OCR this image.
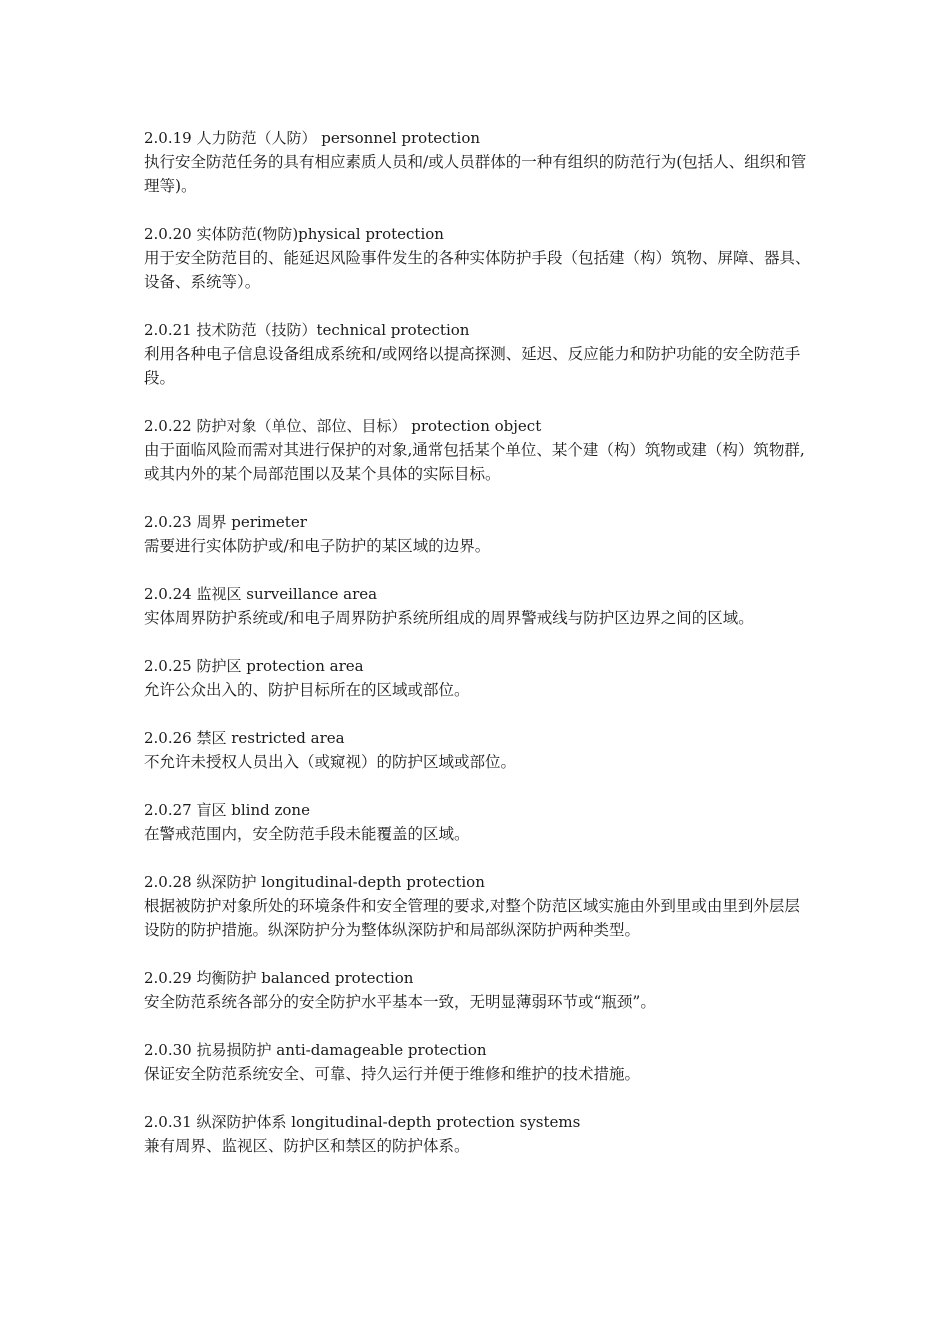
2.0.19 人力防范（人防） personnel protection
执行安全防范任务的具有相应素质人员和/或人员群体的一种有组织的防范行为(包括人、组织和管理等)。
2.0.20 实体防范(物防)physical protection
用于安全防范目的、能延迟风险事件发生的各种实体防护手段（包括建（构）筑物、屏障、器具、设备、系统等）。
2.0.21 技术防范（技防）technical protection
利用各种电子信息设备组成系统和/或网络以提高探测、延迟、反应能力和防护功能的安全防范手段。
2.0.22 防护对象（单位、部位、目标） protection object
由于面临风险而需对其进行保护的对象,通常包括某个单位、某个建（构）筑物或建（构）筑物群,或其内外的某个局部范围以及某个具体的实际目标。
2.0.23 周界 perimeter
需要进行实体防护或/和电子防护的某区域的边界。
2.0.24 监视区 surveillance area
实体周界防护系统或/和电子周界防护系统所组成的周界警戒线与防护区边界之间的区域。
2.0.25 防护区 protection area
允许公众出入的、防护目标所在的区域或部位。
2.0.26 禁区 restricted area
不允许未授权人员出入（或窥视）的防护区域或部位。
2.0.27 盲区 blind zone
在警戒范围内，安全防范手段未能覆盖的区域。
2.0.28 纵深防护 longitudinal-depth protection
根据被防护对象所处的环境条件和安全管理的要求,对整个防范区域实施由外到里或由里到外层层设防的防护措施。纵深防护分为整体纵深防护和局部纵深防护两种类型。
2.0.29 均衡防护 balanced protection
安全防范系统各部分的安全防护水平基本一致，无明显薄弱环节或“瓶颈”。
2.0.30 抗易损防护 anti-damageable protection
保证安全防范系统安全、可靠、持久运行并便于维修和维护的技术措施。
2.0.31 纵深防护体系 longitudinal-depth protection systems
兼有周界、监视区、防护区和禁区的防护体系。
